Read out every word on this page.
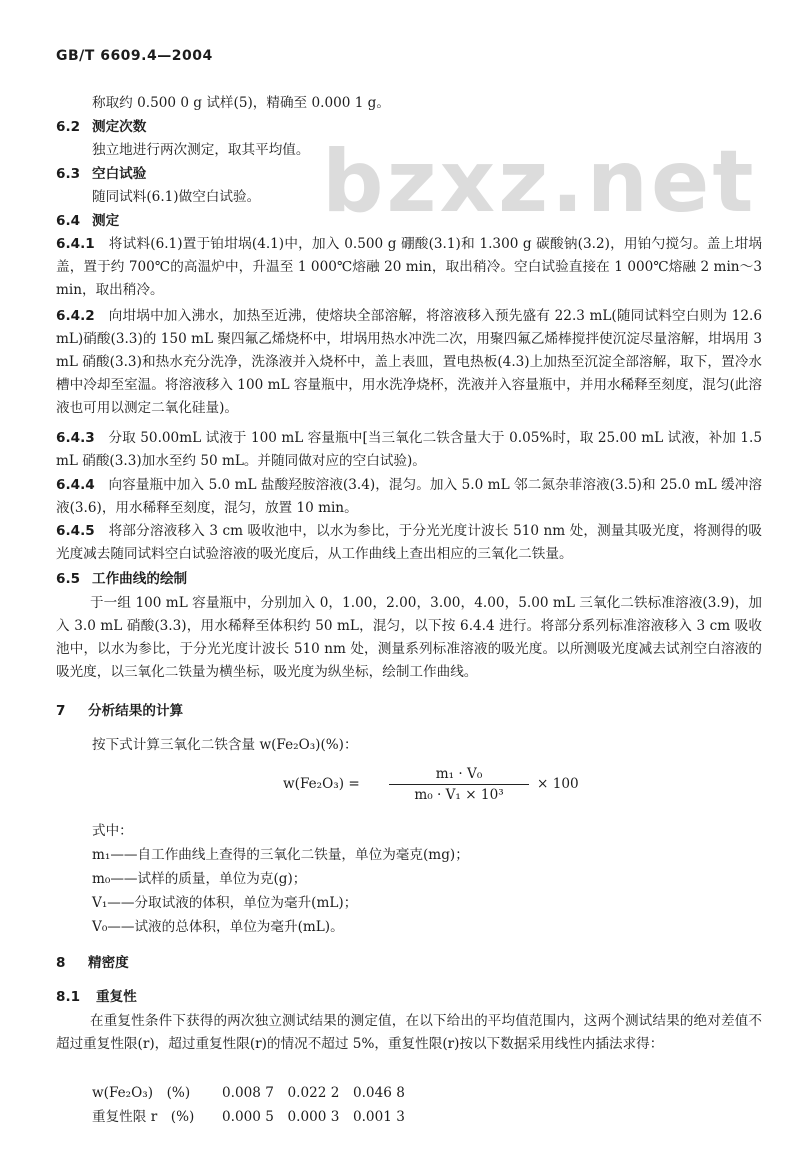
GB/T 6609.4—2004
bzxz.net
称取约 0.500 0 g 试样(5)，精确至 0.000 1 g。
6.2 测定次数
独立地进行两次测定，取其平均值。
6.3 空白试验
随同试料(6.1)做空白试验。
6.4 测定
6.4.1　 将试料(6.1)置于铂坩埚(4.1)中，加入 0.500 g 硼酸(3.1)和 1.300 g 碳酸钠(3.2)，用铂勺搅匀。盖上坩埚盖，置于约 700℃的高温炉中，升温至 1 000℃熔融 20 min，取出稍冷。空白试验直接在 1 000℃熔融 2 min～3 min，取出稍冷。
6.4.2　 向坩埚中加入沸水，加热至近沸，使熔块全部溶解，将溶液移入预先盛有 22.3 mL(随同试料空白则为 12.6 mL)硝酸(3.3)的 150 mL 聚四氟乙烯烧杯中，坩埚用热水冲洗二次，用聚四氟乙烯棒搅拌使沉淀尽量溶解，坩埚用 3 mL 硝酸(3.3)和热水充分洗净，洗涤液并入烧杯中，盖上表皿，置电热板(4.3)上加热至沉淀全部溶解，取下，置冷水槽中冷却至室温。将溶液移入 100 mL 容量瓶中，用水洗净烧杯，洗液并入容量瓶中，并用水稀释至刻度，混匀(此溶液也可用以测定二氧化硅量)。
6.4.3　 分取 50.00mL 试液于 100 mL 容量瓶中[当三氧化二铁含量大于 0.05%时，取 25.00 mL 试液，补加 1.5 mL 硝酸(3.3)加水至约 50 mL。并随同做对应的空白试验)。
6.4.4　 向容量瓶中加入 5.0 mL 盐酸羟胺溶液(3.4)，混匀。加入 5.0 mL 邻二氮杂菲溶液(3.5)和 25.0 mL 缓冲溶液(3.6)，用水稀释至刻度，混匀，放置 10 min。
6.4.5　 将部分溶液移入 3 cm 吸收池中，以水为参比，于分光光度计波长 510 nm 处，测量其吸光度，将测得的吸光度减去随同试料空白试验溶液的吸光度后，从工作曲线上查出相应的三氧化二铁量。
6.5 工作曲线的绘制
于一组 100 mL 容量瓶中，分别加入 0，1.00，2.00，3.00，4.00，5.00 mL 三氧化二铁标准溶液(3.9)，加入 3.0 mL 硝酸(3.3)，用水稀释至体积约 50 mL，混匀，以下按 6.4.4 进行。将部分系列标准溶液移入 3 cm 吸收池中，以水为参比，于分光光度计波长 510 nm 处，测量系列标准溶液的吸光度。以所测吸光度减去试剂空白溶液的吸光度，以三氧化二铁量为横坐标，吸光度为纵坐标，绘制工作曲线。
7 分析结果的计算
按下式计算三氧化二铁含量 w(Fe₂O₃)(%)：
w(Fe₂O₃) =
m₁ · V₀
m₀ · V₁ × 10³
× 100
式中：
m₁——自工作曲线上查得的三氧化二铁量，单位为毫克(mg)；
m₀——试样的质量，单位为克(g)；
V₁——分取试液的体积，单位为毫升(mL)；
V₀——试液的总体积，单位为毫升(mL)。
8 精密度
8.1 重复性
在重复性条件下获得的两次独立测试结果的测定值，在以下给出的平均值范围内，这两个测试结果的绝对差值不超过重复性限(r)，超过重复性限(r)的情况不超过 5%，重复性限(r)按以下数据采用线性内插法求得：
w(Fe₂O₃)　(%) 0.008 7　0.022 2　0.046 8
重复性限 r　(%) 0.000 5　0.000 3　0.001 3
